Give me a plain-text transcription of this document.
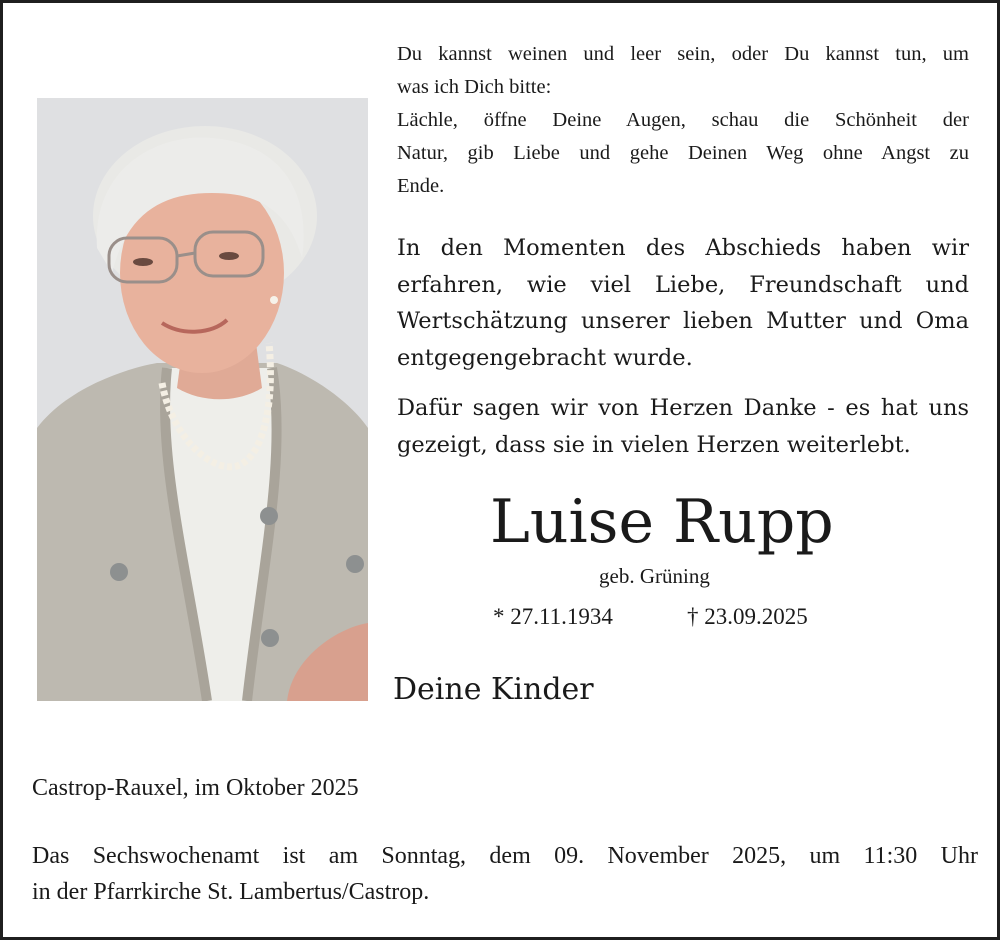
Du kannst weinen und leer sein, oder Du kannst tun, um
was ich Dich bitte:
Lächle, öffne Deine Augen, schau die Schönheit der
Natur, gib Liebe und gehe Deinen Weg ohne Angst zu
Ende.

In den Momenten des Abschieds haben wir erfahren, wie viel Liebe, Freundschaft und Wertschätzung unserer lieben Mutter und Oma entgegengebracht wurde.

Dafür sagen wir von Herzen Danke - es hat uns gezeigt, dass sie in vielen Herzen weiterlebt.

Luise Rupp
geb. Grüning
* 27.11.1934	† 23.09.2025
Deine Kinder
Castrop-Rauxel, im Oktober 2025
Das Sechswochenamt ist am Sonntag, dem 09. November 2025, um 11:30 Uhr
in der Pfarrkirche St. Lambertus/Castrop.
